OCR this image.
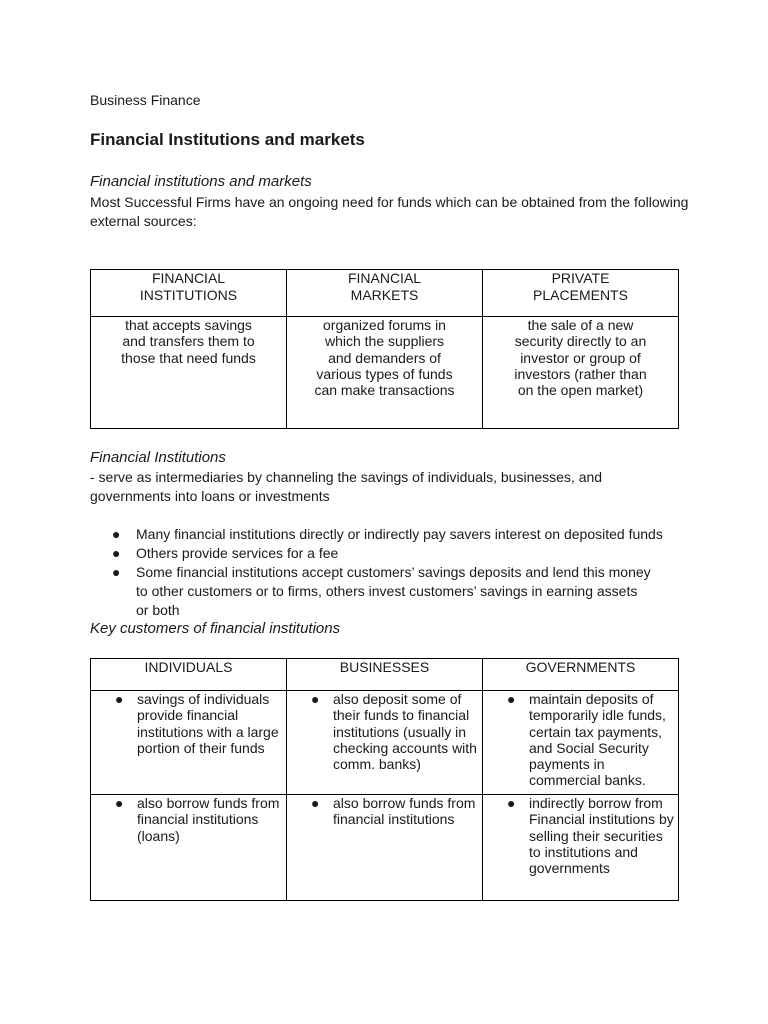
Business Finance

Financial Institutions and markets

Financial institutions and markets

Most Successful Firms have an ongoing need for funds which can be obtained from the following external sources:

FINANCIAL INSTITUTIONS	FINANCIAL MARKETS	PRIVATE PLACEMENTS

that accepts savings and transfers them to those that need funds	organized forums in which the suppliers and demanders of various types of funds can make transactions	the sale of a new security directly to an investor or group of investors (rather than on the open market)

Financial Institutions

- serve as intermediaries by channeling the savings of individuals, businesses, and governments into loans or investments

● Many financial institutions directly or indirectly pay savers interest on deposited funds
● Others provide services for a fee
● Some financial institutions accept customers’ savings deposits and lend this money to other customers or to firms, others invest customers’ savings in earning assets or both

Key customers of financial institutions

INDIVIDUALS	BUSINESSES	GOVERNMENTS

● savings of individuals provide financial institutions with a large portion of their funds	● also deposit some of their funds to financial institutions (usually in checking accounts with comm. banks)	● maintain deposits of temporarily idle funds, certain tax payments, and Social Security payments in commercial banks.

● also borrow funds from financial institutions (loans)	● also borrow funds from financial institutions	● indirectly borrow from Financial institutions by selling their securities to institutions and governments
